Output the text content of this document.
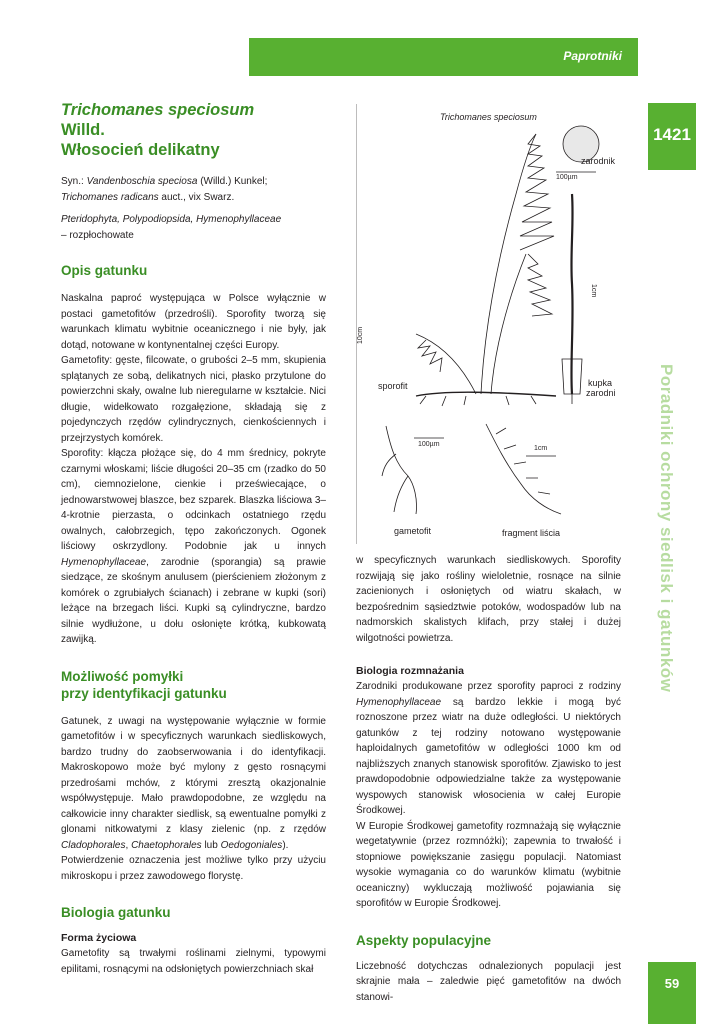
Paprotniki
1421
Poradniki ochrony siedlisk i gatunków
59
Trichomanes speciosum
Willd.
Włosocień delikatny
Syn.: Vandenboschia speciosa (Willd.) Kunkel;
Trichomanes radicans auct., vix Swarz.
Pteridophyta, Polypodiopsida, Hymenophyllaceae
– rozpłochowate
Opis gatunku

Naskalna paproć występująca w Polsce wyłącznie w postaci gametofitów (przedrośli). Sporofity tworzą się warunkach klimatu wybitnie oceanicznego i nie były, jak dotąd, notowane w kontynentalnej części Europy.

Gametofity: gęste, filcowate, o grubości 2–5 mm, skupienia splątanych ze sobą, delikatnych nici, płasko przytulone do powierzchni skały, owalne lub nieregularne w kształcie. Nici długie, widełkowato rozgałęzione, składają się z pojedynczych rzędów cylindrycznych, cienkościennych i przejrzystych komórek.

Sporofity: kłącza płożące się, do 4 mm średnicy, pokryte czarnymi włoskami; liście długości 20–35 cm (rzadko do 50 cm), ciemnozielone, cienkie i przeświecające, o jednowarstwowej blaszce, bez szparek. Blaszka liściowa 3–4-krotnie pierzasta, o odcinkach ostatniego rzędu owalnych, całobrzegich, tępo zakończonych. Ogonek liściowy oskrzydlony. Podobnie jak u innych Hymenophyllaceae, zarodnie (sporangia) są prawie siedzące, ze skośnym anulusem (pierścieniem złożonym z komórek o zgrubiałych ścianach) i zebrane w kupki (sori) leżące na brzegach liści. Kupki są cylindryczne, bardzo silnie wydłużone, u dołu osłonięte krótką, kubkowatą zawijką.

Możliwość pomyłki
przy identyfikacji gatunku

Gatunek, z uwagi na występowanie wyłącznie w formie gametofitów i w specyficznych warunkach siedliskowych, bardzo trudny do zaobserwowania i do identyfikacji. Makroskopowo może być mylony z gęsto rosnącymi przedrośami mchów, z którymi zresztą okazjonalnie współwystępuje. Mało prawdopodobne, ze względu na całkowicie inny charakter siedlisk, są ewentualne pomyłki z glonami nitkowatymi z klasy zielenic (np. z rzędów Cladophorales, Chaetophorales lub Oedogoniales).

Potwierdzenie oznaczenia jest możliwe tylko przy użyciu mikroskopu i przez zawodowego florystę.

Biologia gatunku
Forma życiowa

Gametofity są trwałymi roślinami zielnymi, typowymi epilitami, rosnącymi na odsłoniętych powierzchniach skał

Trichomanes speciosum
zarodnik
100µm
1cm
10cm
sporofit	kupka
zarodni
100µm
1cm
gametofit	fragment liścia

w specyficznych warunkach siedliskowych. Sporofity rozwijają się jako rośliny wieloletnie, rosnące na silnie zacienionych i osłoniętych od wiatru skałach, w bezpośrednim sąsiedztwie potoków, wodospadów lub na nadmorskich skalistych klifach, przy stałej i dużej wilgotności powietrza.

Biologia rozmnażania

Zarodniki produkowane przez sporofity paproci z rodziny Hymenophyllaceae są bardzo lekkie i mogą być roznoszone przez wiatr na duże odległości. U niektórych gatunków z tej rodziny notowano występowanie haploidalnych gametofitów w odległości 1000 km od najbliższych znanych stanowisk sporofitów. Zjawisko to jest prawdopodobnie odpowiedzialne także za występowanie wyspowych stanowisk włosocienia w całej Europie Środkowej.

W Europie Środkowej gametofity rozmnażają się wyłącznie wegetatywnie (przez rozmnóżki); zapewnia to trwałość i stopniowe powiększanie zasięgu populacji. Natomiast wysokie wymagania co do warunków klimatu (wybitnie oceaniczny) wykluczają możliwość pojawiania się sporofitów w Europie Środkowej.

Aspekty populacyjne

Liczebność dotychczas odnalezionych populacji jest skrajnie mała – zaledwie pięć gametofitów na dwóch stanowi-
